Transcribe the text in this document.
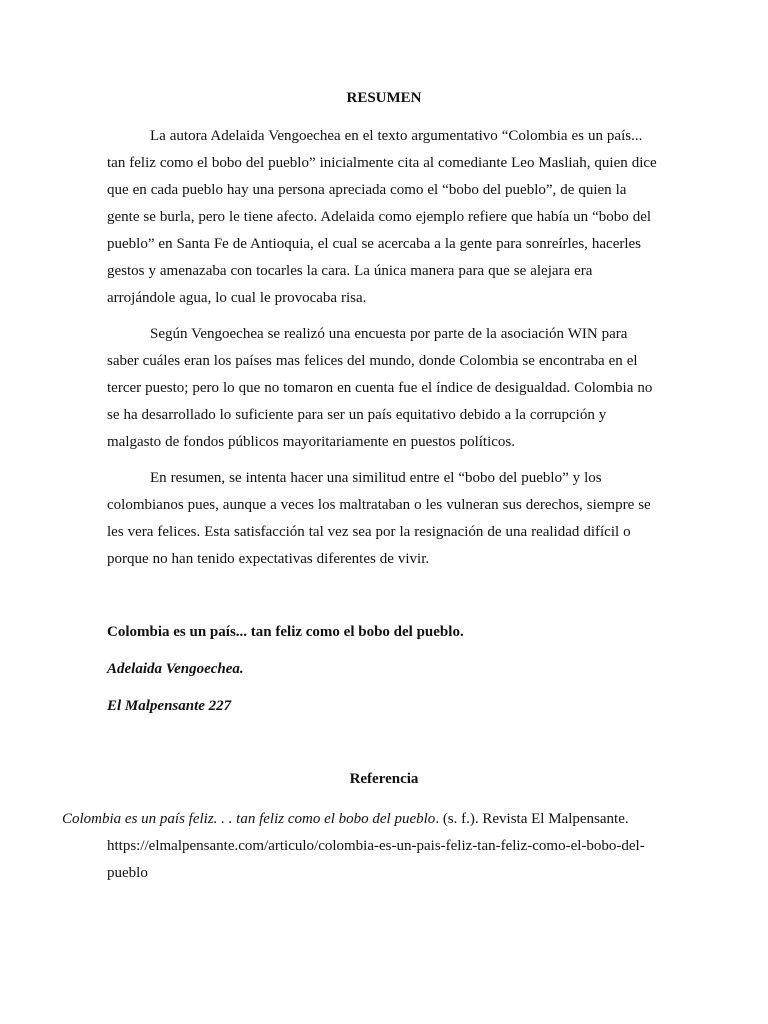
RESUMEN

La autora Adelaida Vengoechea en el texto argumentativo “Colombia es un país... tan feliz como el bobo del pueblo” inicialmente cita al comediante Leo Masliah, quien dice que en cada pueblo hay una persona apreciada como el “bobo del pueblo”, de quien la gente se burla, pero le tiene afecto. Adelaida como ejemplo refiere que había un “bobo del pueblo” en Santa Fe de Antioquia, el cual se acercaba a la gente para sonreírles, hacerles gestos y amenazaba con tocarles la cara. La única manera para que se alejara era arrojándole agua, lo cual le provocaba risa.

Según Vengoechea se realizó una encuesta por parte de la asociación WIN para saber cuáles eran los países mas felices del mundo, donde Colombia se encontraba en el tercer puesto; pero lo que no tomaron en cuenta fue el índice de desigualdad. Colombia no se ha desarrollado lo suficiente para ser un país equitativo debido a la corrupción y malgasto de fondos públicos mayoritariamente en puestos políticos.

En resumen, se intenta hacer una similitud entre el “bobo del pueblo” y los colombianos pues, aunque a veces los maltrataban o les vulneran sus derechos, siempre se les vera felices. Esta satisfacción tal vez sea por la resignación de una realidad difícil o porque no han tenido expectativas diferentes de vivir.

Colombia es un país... tan feliz como el bobo del pueblo.

Adelaida Vengoechea.

El Malpensante 227

Referencia

Colombia es un país feliz. . . tan feliz como el bobo del pueblo. (s. f.). Revista El Malpensante.
https://elmalpensante.com/articulo/colombia-es-un-pais-feliz-tan-feliz-como-el-bobo-del-pueblo
